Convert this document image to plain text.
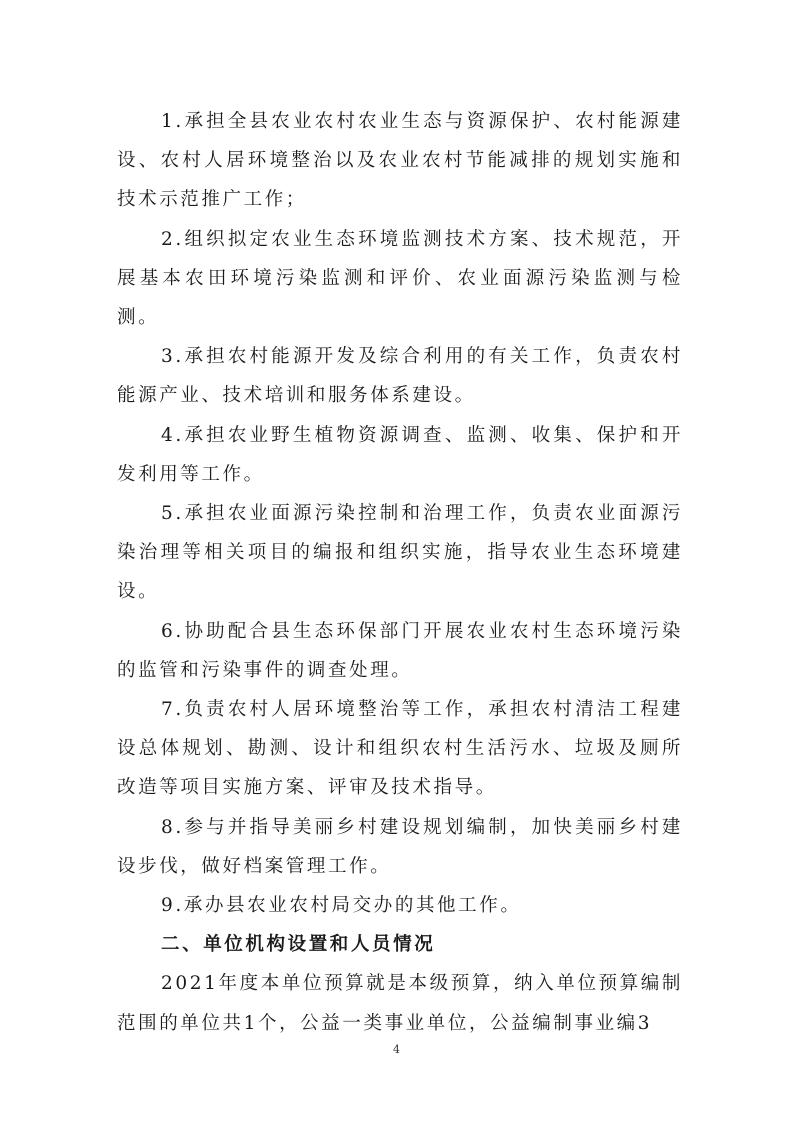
1.承担全县农业农村农业生态与资源保护、农村能源建设、农村人居环境整治以及农业农村节能减排的规划实施和技术示范推广工作；

2.组织拟定农业生态环境监测技术方案、技术规范，开展基本农田环境污染监测和评价、农业面源污染监测与检测。

3.承担农村能源开发及综合利用的有关工作，负责农村能源产业、技术培训和服务体系建设。

4.承担农业野生植物资源调查、监测、收集、保护和开发利用等工作。

5.承担农业面源污染控制和治理工作，负责农业面源污染治理等相关项目的编报和组织实施，指导农业生态环境建设。

6.协助配合县生态环保部门开展农业农村生态环境污染的监管和污染事件的调查处理。

7.负责农村人居环境整治等工作，承担农村清洁工程建设总体规划、勘测、设计和组织农村生活污水、垃圾及厕所改造等项目实施方案、评审及技术指导。

8.参与并指导美丽乡村建设规划编制，加快美丽乡村建设步伐，做好档案管理工作。

9.承办县农业农村局交办的其他工作。

二、单位机构设置和人员情况

2021年度本单位预算就是本级预算，纳入单位预算编制范围的单位共1个，公益一类事业单位，公益编制事业编3

4
